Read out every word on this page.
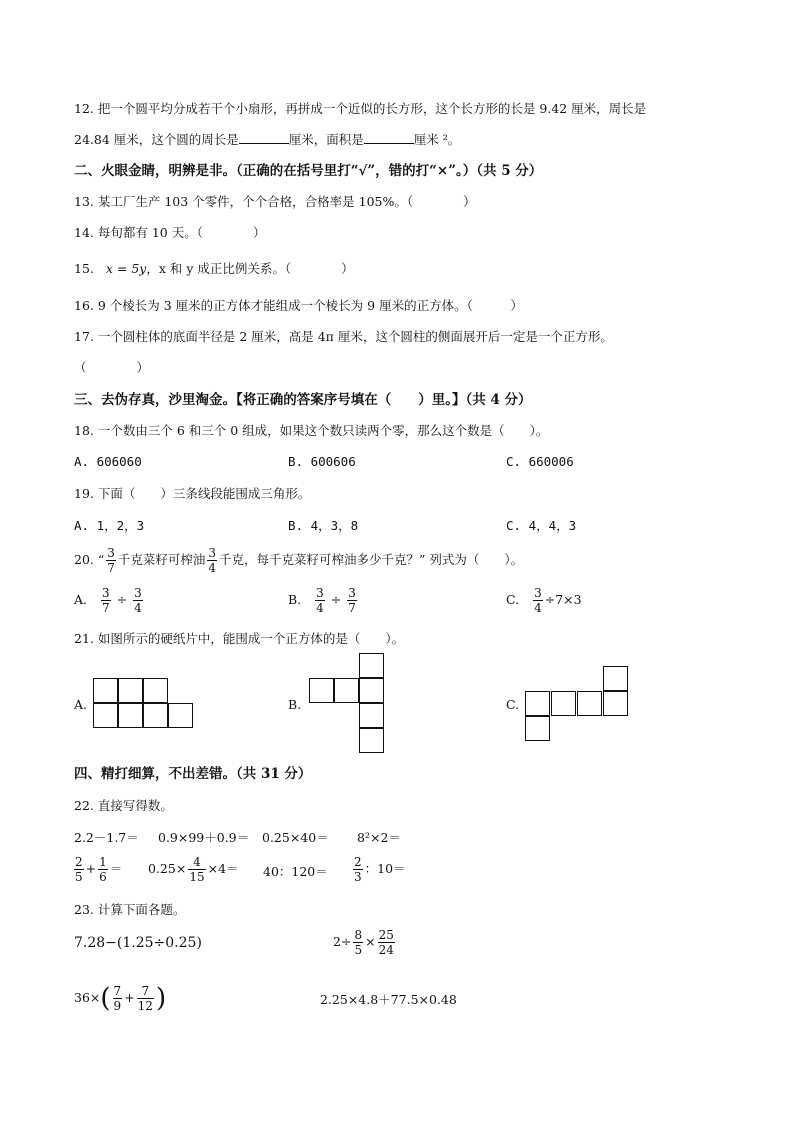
12. 把一个圆平均分成若干个小扇形，再拼成一个近似的长方形，这个长方形的长是 9.42 厘米，周长是
24.84 厘米，这个圆的周长是	厘米，面积是	厘米 ²。
二、火眼金睛，明辨是非。（正确的在括号里打“√”，错的打“×”。）（共 5 分）
13. 某工厂生产 103 个零件，个个合格，合格率是 105%。（　　　　）
14. 每旬都有 10 天。（　　　　）
15. x = 5y，x 和 y 成正比例关系。（　　　　）
16. 9 个棱长为 3 厘米的正方体才能组成一个棱长为 9 厘米的正方体。（　　　）
17. 一个圆柱体的底面半径是 2 厘米，高是 4π 厘米，这个圆柱的侧面展开后一定是一个正方形。
（　　　　）
三、去伪存真，沙里淘金。【将正确的答案序号填在（　　）里。】（共 4 分）
18. 一个数由三个 6 和三个 0 组成，如果这个数只读两个零，那么这个数是（　　）。
A. 606060	B. 600606	C. 660006
19. 下面（　　）三条线段能围成三角形。
A. 1，2，3	B. 4，3，8	C. 4，4，3
20. “ $\frac{3}{7}$ 千克菜籽可榨油 $\frac{3}{4}$ 千克，每千克菜籽可榨油多少千克？” 列式为（　　）。
A. $\frac{3}{7} \div \frac{3}{4}$	B. $\frac{3}{4} \div \frac{3}{7}$	C. $\frac{3}{4} \div 7\times 3$
21. 如图所示的硬纸片中，能围成一个正方体的是（　　）。
A.	B.	C.
四、精打细算，不出差错。（共 31 分）
22. 直接写得数。
2.2－1.7＝ 0.9×99＋0.9＝ 0.25×40＝ 8²×2＝
$\frac{2}{5} + \frac{1}{6} = 0.25\times \frac{4}{15} \times 4= 40$：$120= \frac{2}{3}$ ：10＝
23. 计算下面各题。
7.28−(1.25÷0.25)	$2\div \frac{8}{5} \times \frac{25}{24}$
$36\times( \frac{7}{9} + \frac{7}{12}$ )	2.25×4.8＋77.5×0.48
